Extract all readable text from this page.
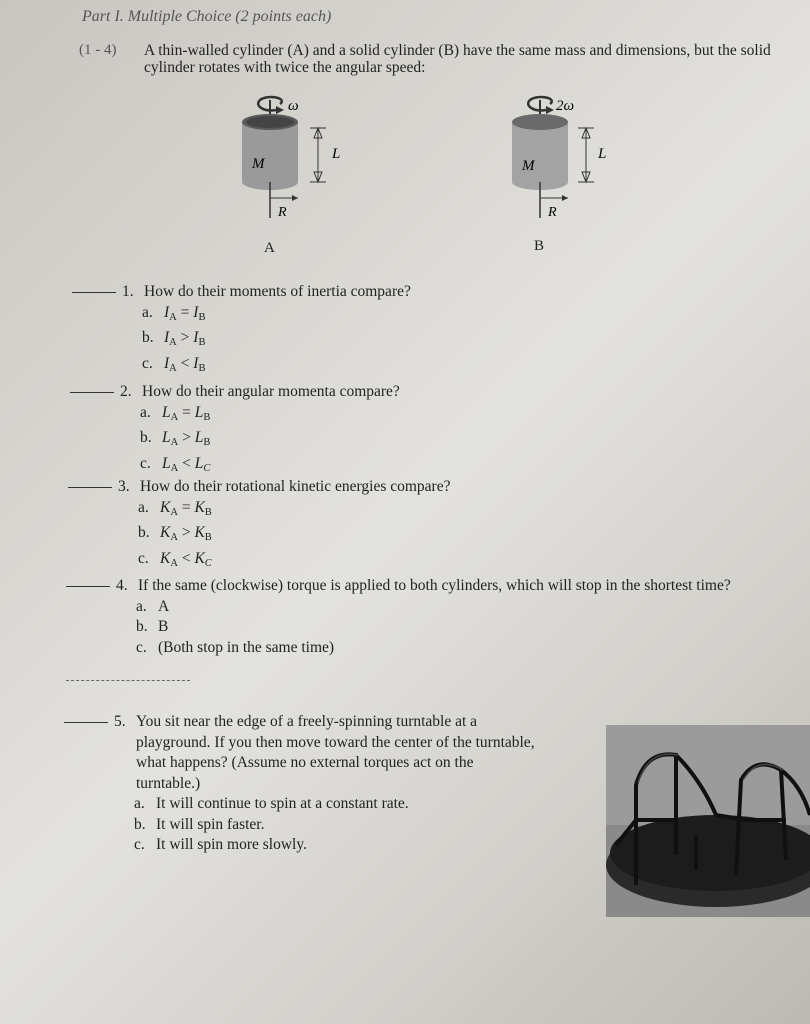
Part I. Multiple Choice (2 points each)
(1 - 4) A thin-walled cylinder (A) and a solid cylinder (B) have the same mass and dimensions, but the solid cylinder rotates with twice the angular speed:
ω
M
R
L
A
2ω
M
R
L
B
1. How do their moments of inertia compare?
a. $I_A = I_B$
b. $I_A > I_B$
c. $I_A < I_B$
2. How do their angular momenta compare?
a. $L_A = L_B$
b. $L_A > L_B$
c. $L_A$ < LC
3. How do their rotational kinetic energies compare?
a. $K_A = K_B$
b. $K_A > K_B$
c. $K_A$ < KC
4. If the same (clockwise) torque is applied to both cylinders, which will stop in the shortest time?
a. A
b. B
c. (Both stop in the same time)
5. You sit near the edge of a freely-spinning turntable at a
playground. If you then move toward the center of the turntable,
what happens? (Assume no external torques act on the
turntable.)
a. It will continue to spin at a constant rate.
b. It will spin faster.
c. It will spin more slowly.
